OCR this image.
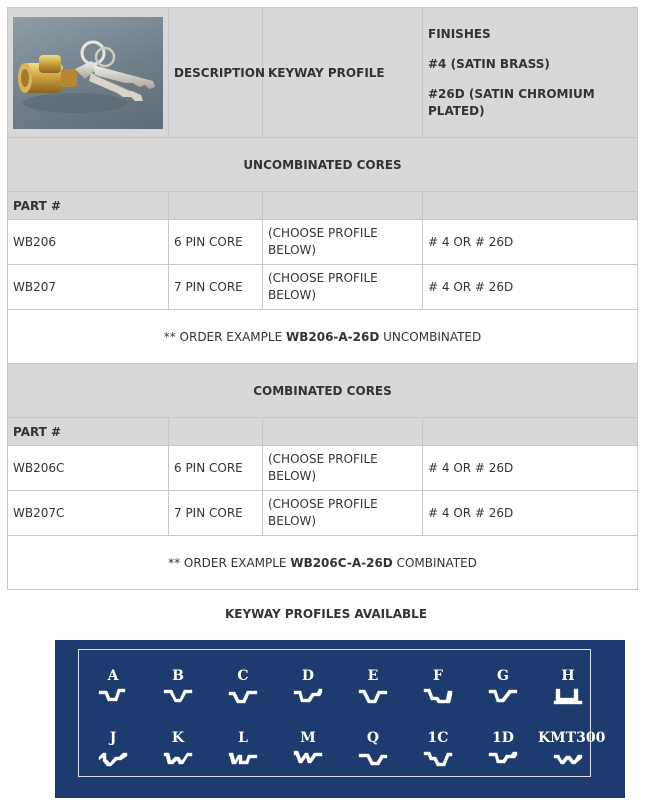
	DESCRIPTION	KEYWAY PROFILE	FINISHES

#4 (SATIN BRASS)

#26D (SATIN CHROMIUM PLATED)

UNCOMBINATED CORES			
PART #			
WB206	6 PIN CORE	(CHOOSE PROFILE BELOW)	# 4 OR # 26D
WB207	7 PIN CORE	(CHOOSE PROFILE BELOW)	# 4 OR # 26D
** ORDER EXAMPLE WB206-A-26D UNCOMBINATED			
COMBINATED CORES			
PART #			
WB206C	6 PIN CORE	(CHOOSE PROFILE BELOW)	# 4 OR # 26D
WB207C	7 PIN CORE	(CHOOSE PROFILE BELOW)	# 4 OR # 26D
** ORDER EXAMPLE WB206C-A-26D COMBINATED			
KEYWAY PROFILES AVAILABLE
A	B	C	D	E	F	G	H
J	K	L	M	Q	1C	1D	KMT300
